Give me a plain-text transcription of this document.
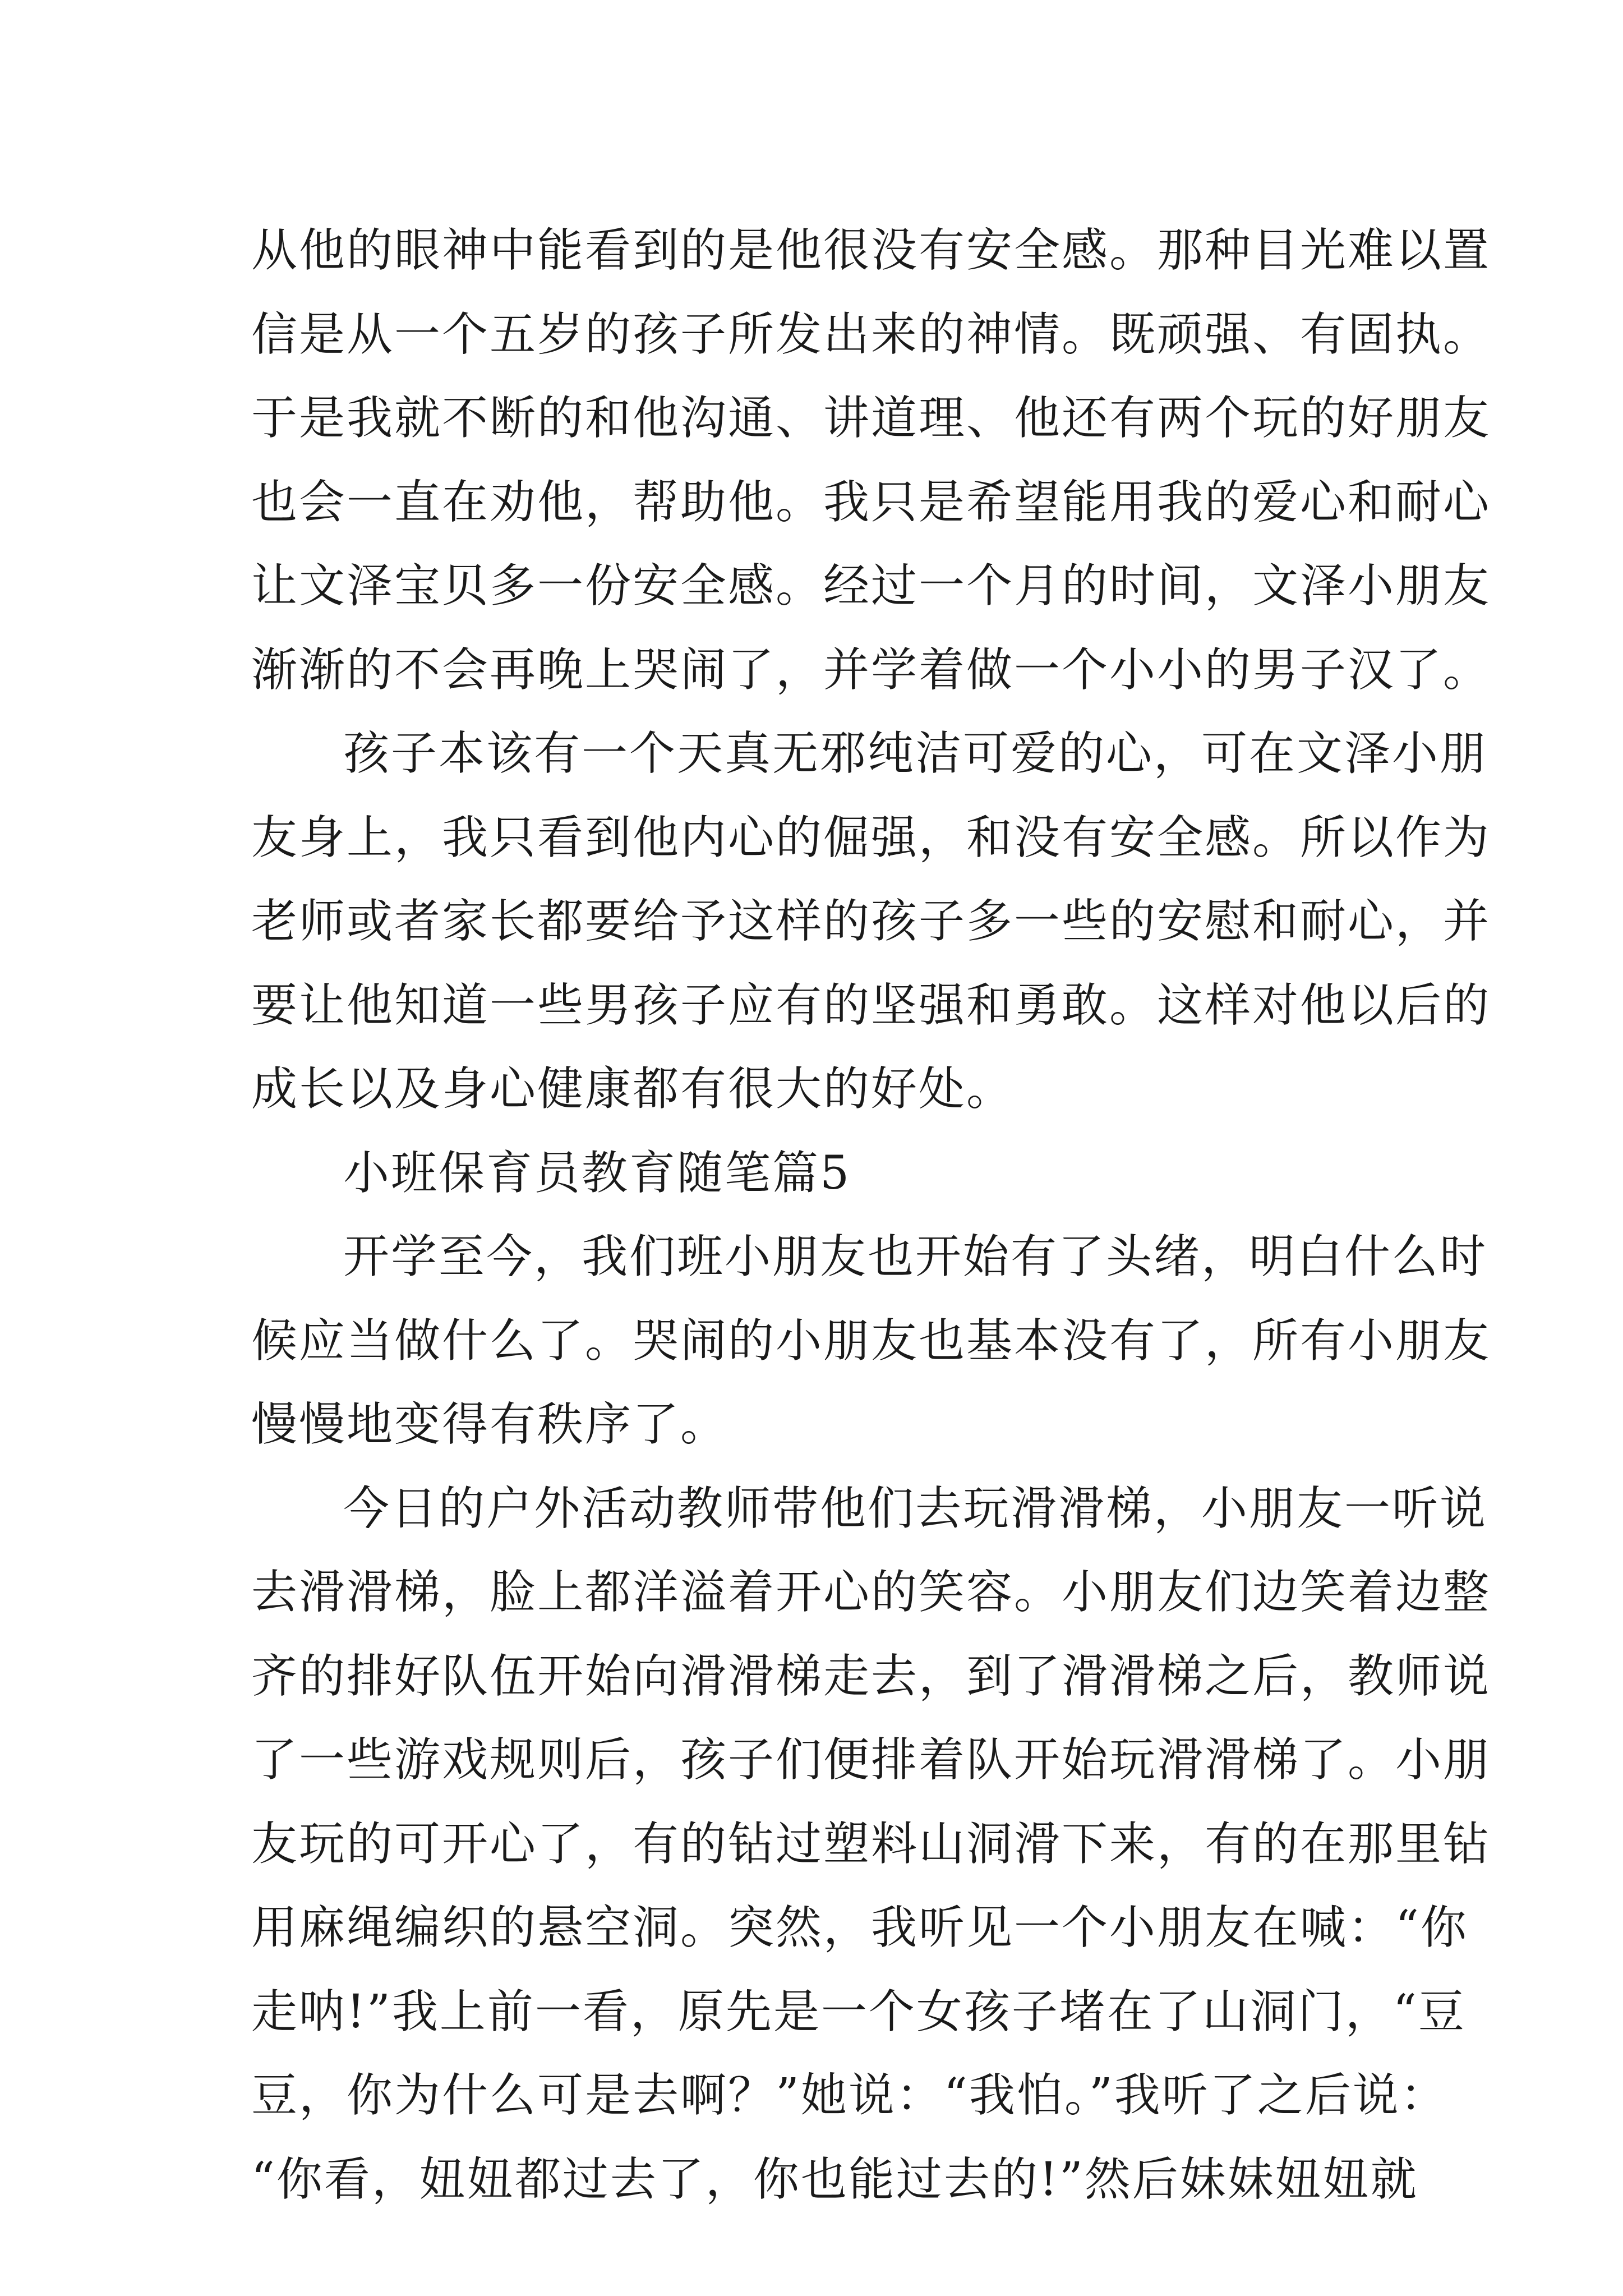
从他的眼神中能看到的是他很没有安全感。那种目光难以置
信是从一个五岁的孩子所发出来的神情。既顽强、有固执。
于是我就不断的和他沟通、讲道理、他还有两个玩的好朋友
也会一直在劝他，帮助他。我只是希望能用我的爱心和耐心
让文泽宝贝多一份安全感。经过一个月的时间，文泽小朋友
渐渐的不会再晚上哭闹了，并学着做一个小小的男子汉了。
孩子本该有一个天真无邪纯洁可爱的心，可在文泽小朋
友身上，我只看到他内心的倔强，和没有安全感。所以作为
老师或者家长都要给予这样的孩子多一些的安慰和耐心，并
要让他知道一些男孩子应有的坚强和勇敢。这样对他以后的
成长以及身心健康都有很大的好处。
小班保育员教育随笔篇5
开学至今，我们班小朋友也开始有了头绪，明白什么时
候应当做什么了。哭闹的小朋友也基本没有了，所有小朋友
慢慢地变得有秩序了。
今日的户外活动教师带他们去玩滑滑梯，小朋友一听说
去滑滑梯，脸上都洋溢着开心的笑容。小朋友们边笑着边整
齐的排好队伍开始向滑滑梯走去，到了滑滑梯之后，教师说
了一些游戏规则后，孩子们便排着队开始玩滑滑梯了。小朋
友玩的可开心了，有的钻过塑料山洞滑下来，有的在那里钻
用麻绳编织的悬空洞。突然，我听见一个小朋友在喊：“你
走呐!”我上前一看，原先是一个女孩子堵在了山洞门，“豆
豆，你为什么可是去啊？”她说：“我怕。”我听了之后说：
“你看，妞妞都过去了，你也能过去的!”然后妹妹妞妞就
